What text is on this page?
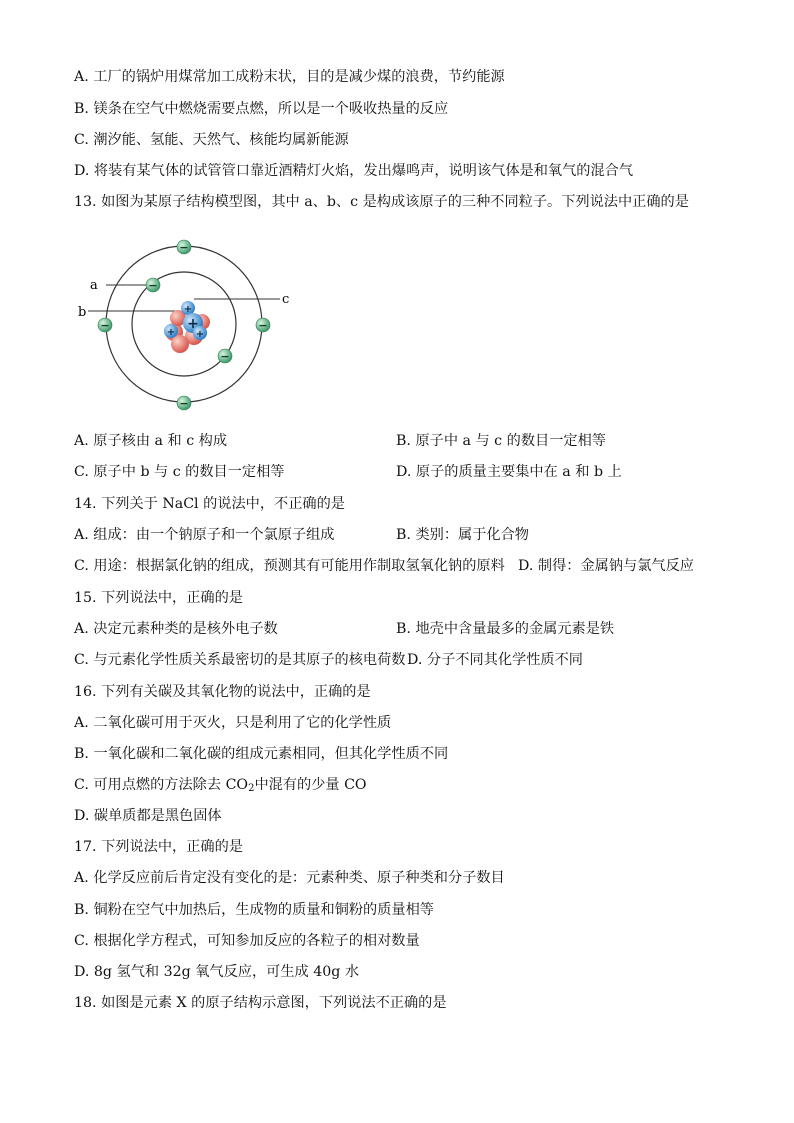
A. 工厂的锅炉用煤常加工成粉末状，目的是减少煤的浪费，节约能源
B. 镁条在空气中燃烧需要点燃，所以是一个吸收热量的反应
C. 潮汐能、氢能、天然气、核能均属新能源
D. 将装有某气体的试管管口靠近酒精灯火焰，发出爆鸣声，说明该气体是和氧气的混合气
13. 如图为某原子结构模型图，其中 a、b、c 是构成该原子的三种不同粒子。下列说法中正确的是
a
b
c
+
+
+
+
−
−
−	−
−
−
A. 原子核由 a 和 c 构成	B. 原子中 a 与 c 的数目一定相等
C. 原子中 b 与 c 的数目一定相等	D. 原子的质量主要集中在 a 和 b 上
14. 下列关于 NaCl 的说法中，不正确的是
A. 组成：由一个钠原子和一个氯原子组成	B. 类别：属于化合物
C. 用途：根据氯化钠的组成，预测其有可能用作制取氢氧化钠的原料 D. 制得：金属钠与氯气反应
15. 下列说法中，正确的是
A. 决定元素种类的是核外电子数	B. 地壳中含量最多的金属元素是铁
C. 与元素化学性质关系最密切的是其原子的核电荷数 D. 分子不同其化学性质不同
16. 下列有关碳及其氧化物的说法中，正确的是
A. 二氧化碳可用于灭火，只是利用了它的化学性质
B. 一氧化碳和二氧化碳的组成元素相同，但其化学性质不同
C. 可用点燃的方法除去 $CO_2$中混有的少量 CO
D. 碳单质都是黑色固体
17. 下列说法中，正确的是
A. 化学反应前后肯定没有变化的是：元素种类、原子种类和分子数目
B. 铜粉在空气中加热后，生成物的质量和铜粉的质量相等
C. 根据化学方程式，可知参加反应的各粒子的相对数量
D. 8g 氢气和 32g 氧气反应，可生成 40g 水
18. 如图是元素 X 的原子结构示意图，下列说法不正确的是
